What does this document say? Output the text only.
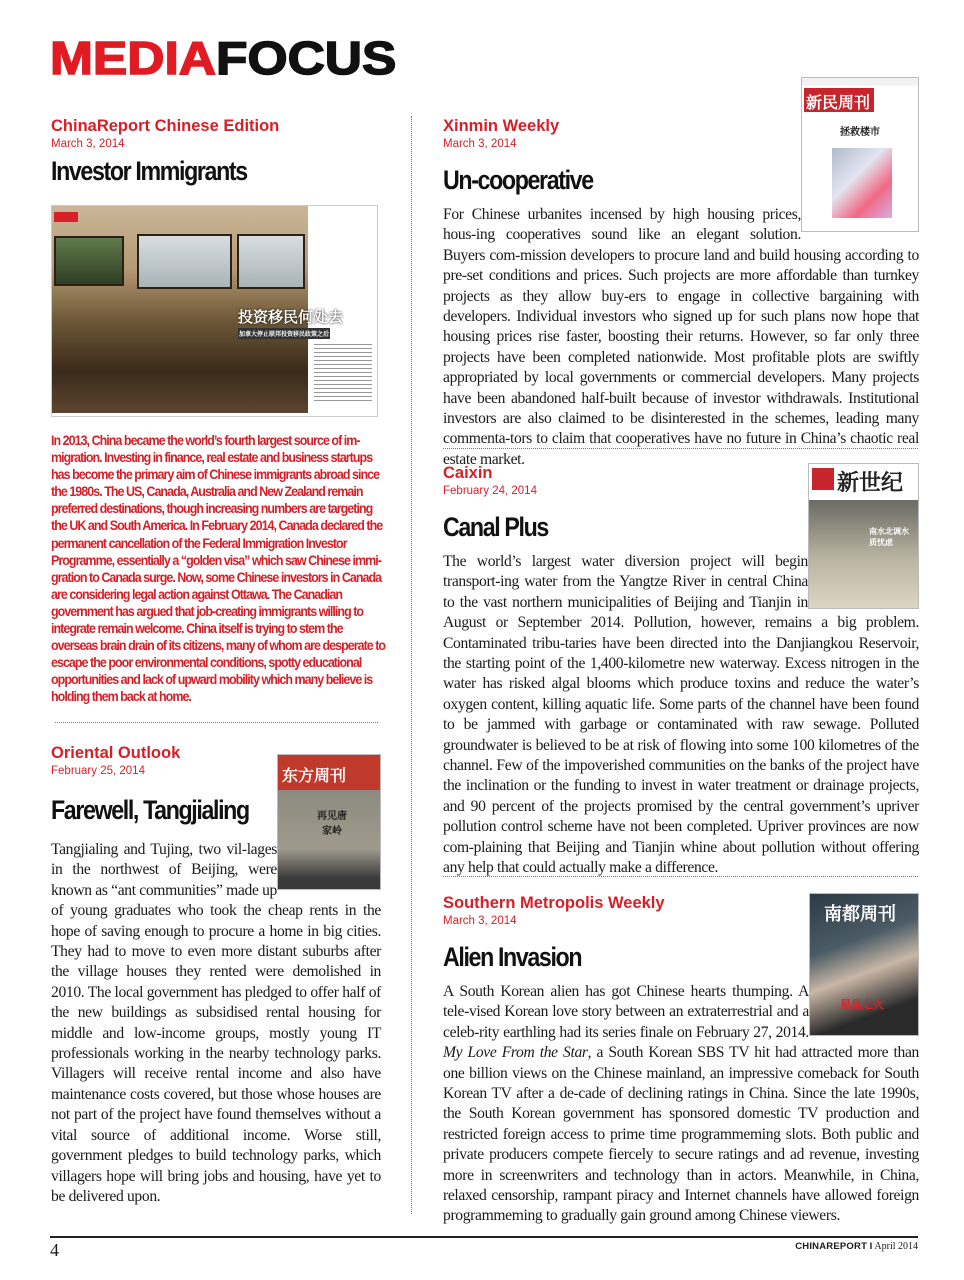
MEDIAFOCUS
ChinaReport Chinese Edition
March 3, 2014
Investor Immigrants
投资移民何处去
加拿大停止联邦投资移民政策之后
In 2013, China became the world’s fourth largest source of im-migration. Investing in finance, real estate and business startups has become the primary aim of Chinese immigrants abroad since the 1980s. The US, Canada, Australia and New Zealand remain preferred destinations, though increasing numbers are targeting the UK and South America. In February 2014, Canada declared the permanent cancellation of the Federal Immigration Investor Programme, essentially a “golden visa” which saw Chinese immi-gration to Canada surge. Now, some Chinese investors in Canada are considering legal action against Ottawa. The Canadian government has argued that job-creating immigrants willing to integrate remain welcome. China itself is trying to stem the overseas brain drain of its citizens, many of whom are desperate to escape the poor environmental conditions, spotty educational opportunities and lack of upward mobility which many believe is holding them back at home.
东方周刊
再见唐家岭
Oriental Outlook
February 25, 2014
Farewell, Tangjialing
Tangjialing and Tujing, two vil-lages in the northwest of Beijing, were known as “ant communities” made up of young graduates who took the cheap rents in the hope of saving enough to procure a home in big cities. They had to move to even more distant suburbs after the village houses they rented were demolished in 2010. The local government has pledged to offer half of the new buildings as subsidised rental housing for middle and low-income groups, mostly young IT professionals working in the nearby technology parks. Villagers will receive rental income and also have maintenance costs covered, but those whose houses are not part of the project have found themselves without a vital source of additional income. Worse still, government pledges to build technology parks, which villagers hope will bring jobs and housing, have yet to be delivered upon.
新民周刊
拯救楼市
Xinmin Weekly
March 3, 2014
Un-cooperative
For Chinese urbanites incensed by high housing prices, hous-ing cooperatives sound like an elegant solution. Buyers com-mission developers to procure land and build housing according to pre-set conditions and prices. Such projects are more affordable than turnkey projects as they allow buy-ers to engage in collective bargaining with developers. Individual investors who signed up for such plans now hope that housing prices rise faster, boosting their returns. However, so far only three projects have been completed nationwide. Most profitable plots are swiftly appropriated by local governments or commercial developers. Many projects have been abandoned half-built because of investor withdrawals. Institutional investors are also claimed to be disinterested in the schemes, leading many commenta-tors to claim that cooperatives have no future in China’s chaotic real estate market.
新世纪
南水北调水质忧虑
Caixin
February 24, 2014
Canal Plus
The world’s largest water diversion project will begin transport-ing water from the Yangtze River in central China to the vast northern municipalities of Beijing and Tianjin in August or September 2014. Pollution, however, remains a big problem. Contaminated tribu-taries have been directed into the Danjiangkou Reservoir, the starting point of the 1,400-kilometre new waterway. Excess nitrogen in the water has risked algal blooms which produce toxins and reduce the water’s oxygen content, killing aquatic life. Some parts of the channel have been found to be jammed with garbage or contaminated with raw sewage. Polluted groundwater is believed to be at risk of flowing into some 100 kilometres of the channel. Few of the impoverished communities on the banks of the project have the inclination or the funding to invest in water treatment or drainage projects, and 90 percent of the projects promised by the central government’s upriver pollution control scheme have not been completed. Upriver provinces are now com-plaining that Beijing and Tianjin whine about pollution without offering any help that could actually make a difference.
南都周刊
星星之火
Southern Metropolis Weekly
March 3, 2014
Alien Invasion
A South Korean alien has got Chinese hearts thumping. A tele-vised Korean love story between an extraterrestrial and a celeb-rity earthling had its series finale on February 27, 2014. My Love From the Star, a South Korean SBS TV hit had attracted more than one billion views on the Chinese mainland, an impressive comeback for South Korean TV after a de-cade of declining ratings in China. Since the late 1990s, the South Korean government has sponsored domestic TV production and restricted foreign access to prime time programmeming slots. Both public and private producers compete fiercely to secure ratings and ad revenue, investing more in screenwriters and technology than in actors. Meanwhile, in China, relaxed censorship, rampant piracy and Internet channels have allowed foreign programmeming to gradually gain ground among Chinese viewers.
4	CHINAREPORT I April 2014
